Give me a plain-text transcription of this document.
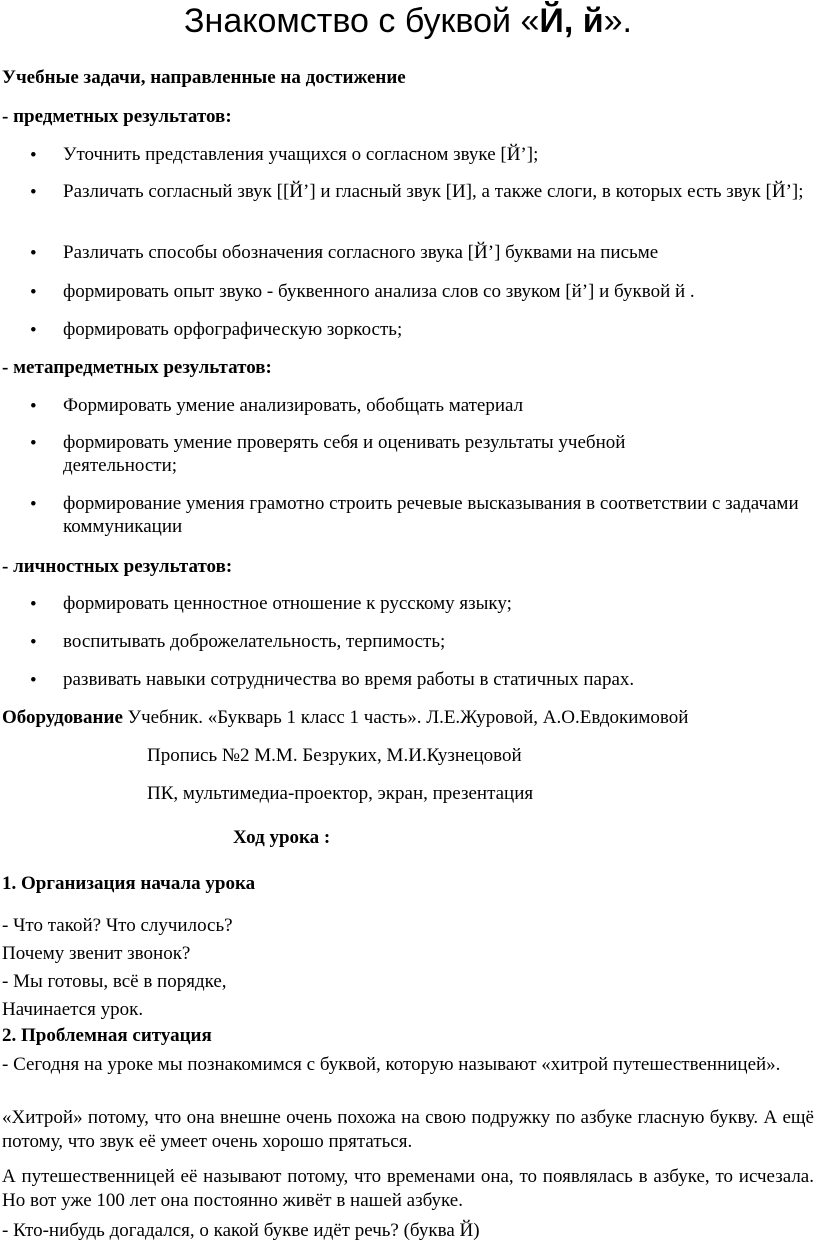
Знакомство с буквой «Й, й».
Учебные задачи, направленные на достижение
- предметных результатов:
•
Уточнить представления учащихся о согласном звуке [Й’];
•
Различать согласный звук [[Й’] и гласный звук [И], а также слоги, в которых есть звук [Й’];
•
Различать способы обозначения согласного звука [Й’] буквами на письме
•
формировать опыт звуко - буквенного анализа слов со звуком [й’] и буквой й .
•
формировать орфографическую зоркость;
- метапредметных результатов:
•
Формировать умение анализировать, обобщать материал
•
формировать умение проверять себя и оценивать результаты учебной деятельности;
•
формирование умения грамотно строить речевые высказывания в соответствии с задачами коммуникации
- личностных результатов:
•
формировать ценностное отношение к русскому языку;
•
воспитывать доброжелательность, терпимость;
•
развивать навыки сотрудничества во время работы в статичных парах.
Оборудование Учебник. «Букварь 1 класс 1 часть». Л.Е.Журовой, А.О.Евдокимовой
Пропись №2 М.М. Безруких, М.И.Кузнецовой
ПК, мультимедиа-проектор, экран, презентация
Ход урока :
1. Организация начала урока
- Что такой? Что случилось?
Почему звенит звонок?
- Мы готовы, всё в порядке,
Начинается урок.
2. Проблемная ситуация
- Сегодня на уроке мы познакомимся с буквой, которую называют «хитрой путешественницей».
«Хитрой» потому, что она внешне очень похожа на свою подружку по азбуке гласную букву. А ещё потому, что звук её умеет очень хорошо прятаться.
А путешественницей её называют потому, что временами она, то появлялась в азбуке, то исчезала. Но вот уже 100 лет она постоянно живёт в нашей азбуке.
- Кто-нибудь догадался, о какой букве идёт речь? (буква Й)
